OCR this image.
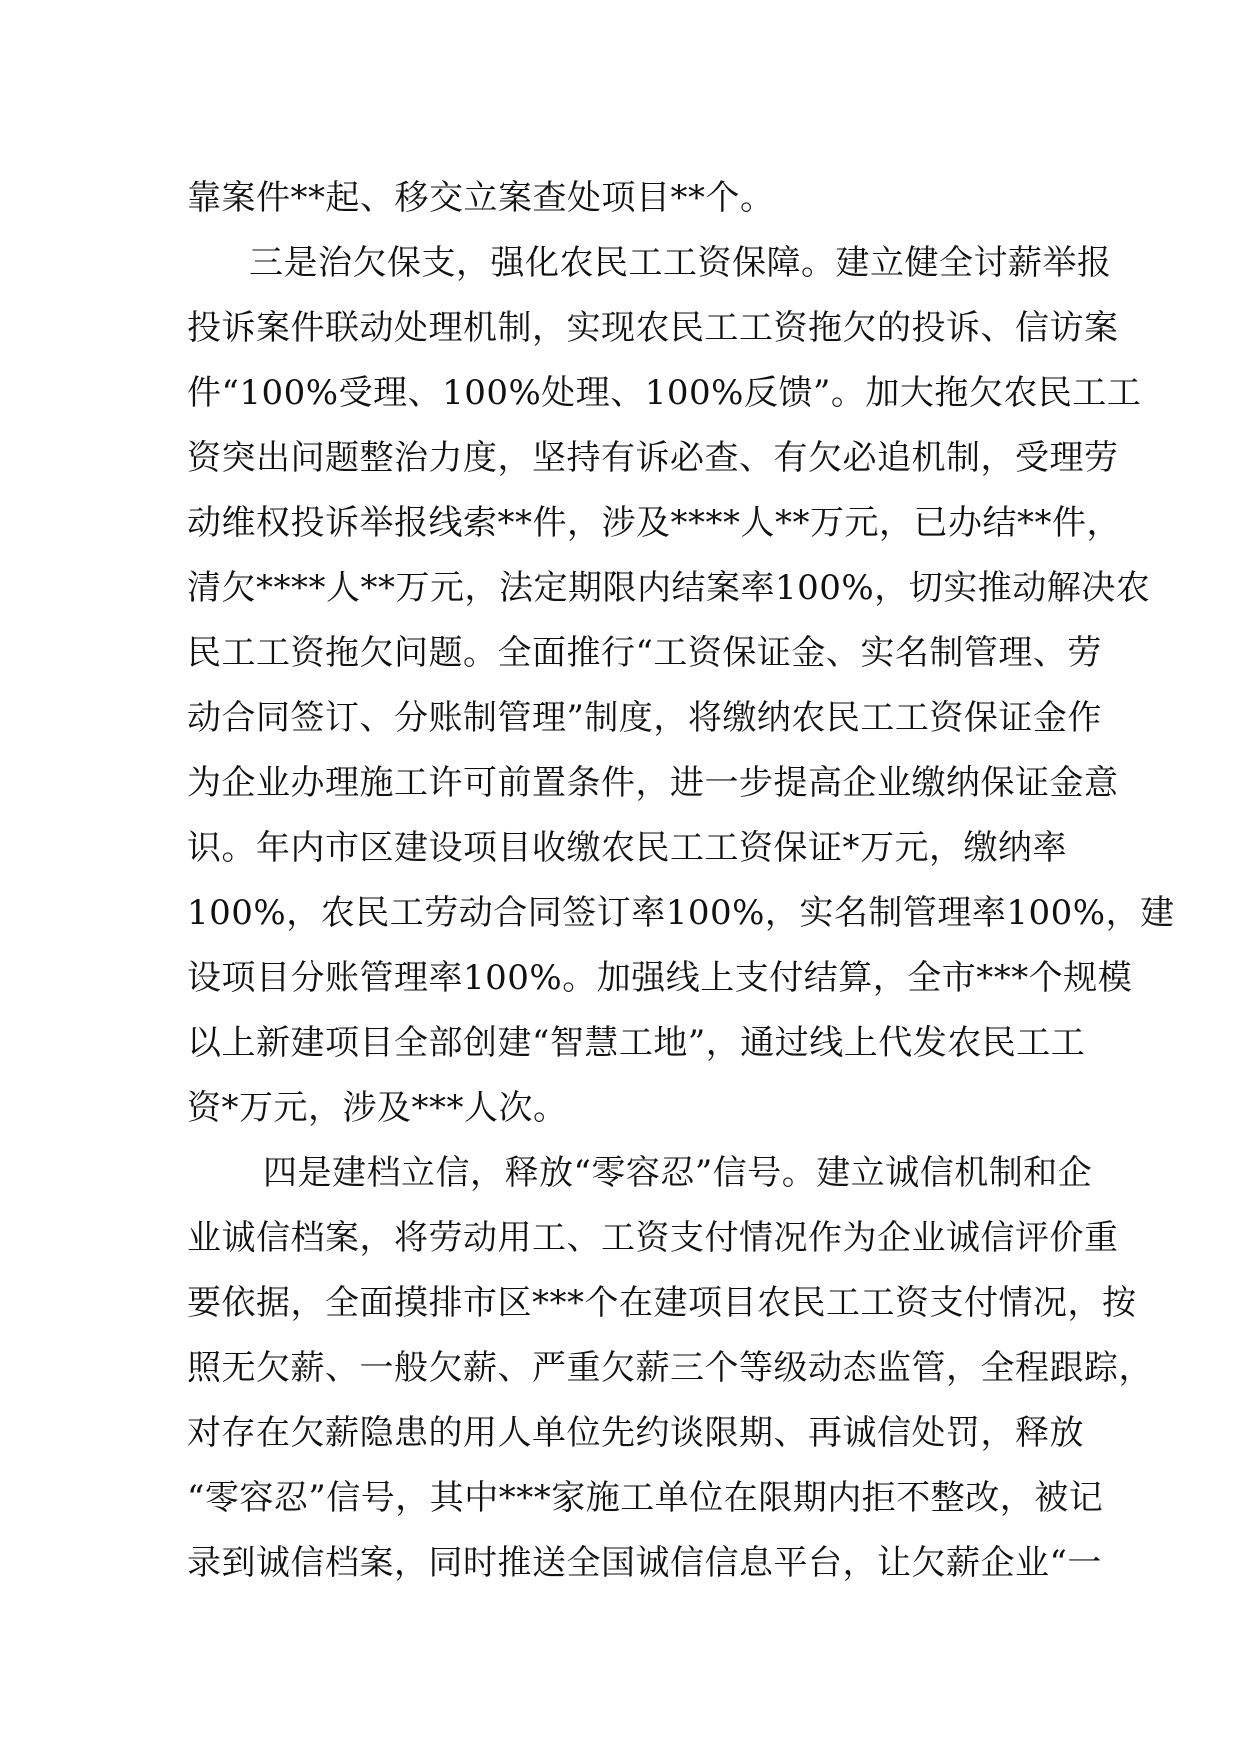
靠案件**起、移交立案查处项目**个。
三是治欠保支，强化农民工工资保障。建立健全讨薪举报
投诉案件联动处理机制，实现农民工工资拖欠的投诉、信访案
件“100%受理、100%处理、100%反馈”。加大拖欠农民工工
资突出问题整治力度，坚持有诉必查、有欠必追机制，受理劳
动维权投诉举报线索**件，涉及****人**万元，已办结**件，
清欠****人**万元，法定期限内结案率100%，切实推动解决农
民工工资拖欠问题。全面推行“工资保证金、实名制管理、劳
动合同签订、分账制管理”制度，将缴纳农民工工资保证金作
为企业办理施工许可前置条件，进一步提高企业缴纳保证金意
识。年内市区建设项目收缴农民工工资保证*万元，缴纳率
100%，农民工劳动合同签订率100%，实名制管理率100%，建
设项目分账管理率100%。加强线上支付结算，全市***个规模
以上新建项目全部创建“智慧工地”，通过线上代发农民工工
资*万元，涉及***人次。
四是建档立信，释放“零容忍”信号。建立诚信机制和企
业诚信档案，将劳动用工、工资支付情况作为企业诚信评价重
要依据，全面摸排市区***个在建项目农民工工资支付情况，按
照无欠薪、一般欠薪、严重欠薪三个等级动态监管，全程跟踪，
对存在欠薪隐患的用人单位先约谈限期、再诚信处罚，释放
“零容忍”信号，其中***家施工单位在限期内拒不整改，被记
录到诚信档案，同时推送全国诚信信息平台，让欠薪企业“一
